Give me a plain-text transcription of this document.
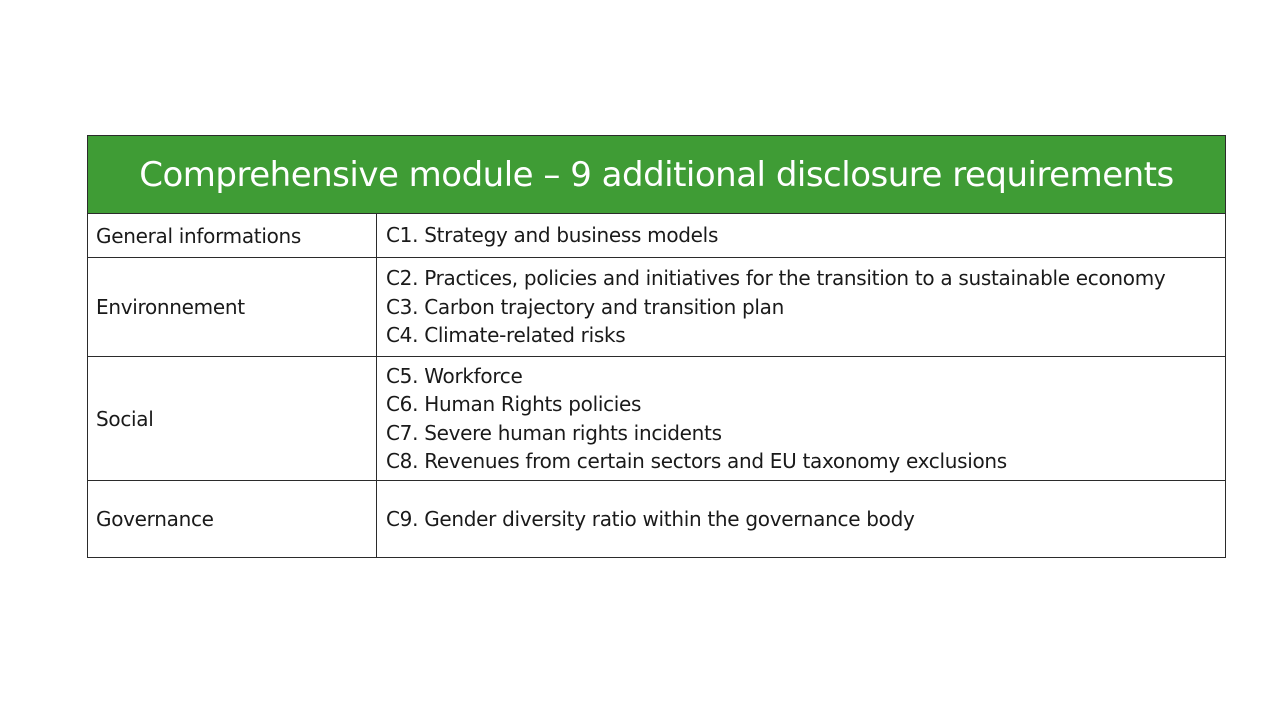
Comprehensive module – 9 additional disclosure requirements	
General informations	C1. Strategy and business models

Environnement	C2. Practices, policies and initiatives for the transition to a sustainable economy
C3. Carbon trajectory and transition plan
C4. Climate-related risks

Social	C5. Workforce
C6. Human Rights policies
C7. Severe human rights incidents
C8. Revenues from certain sectors and EU taxonomy exclusions

Governance	C9. Gender diversity ratio within the governance body
